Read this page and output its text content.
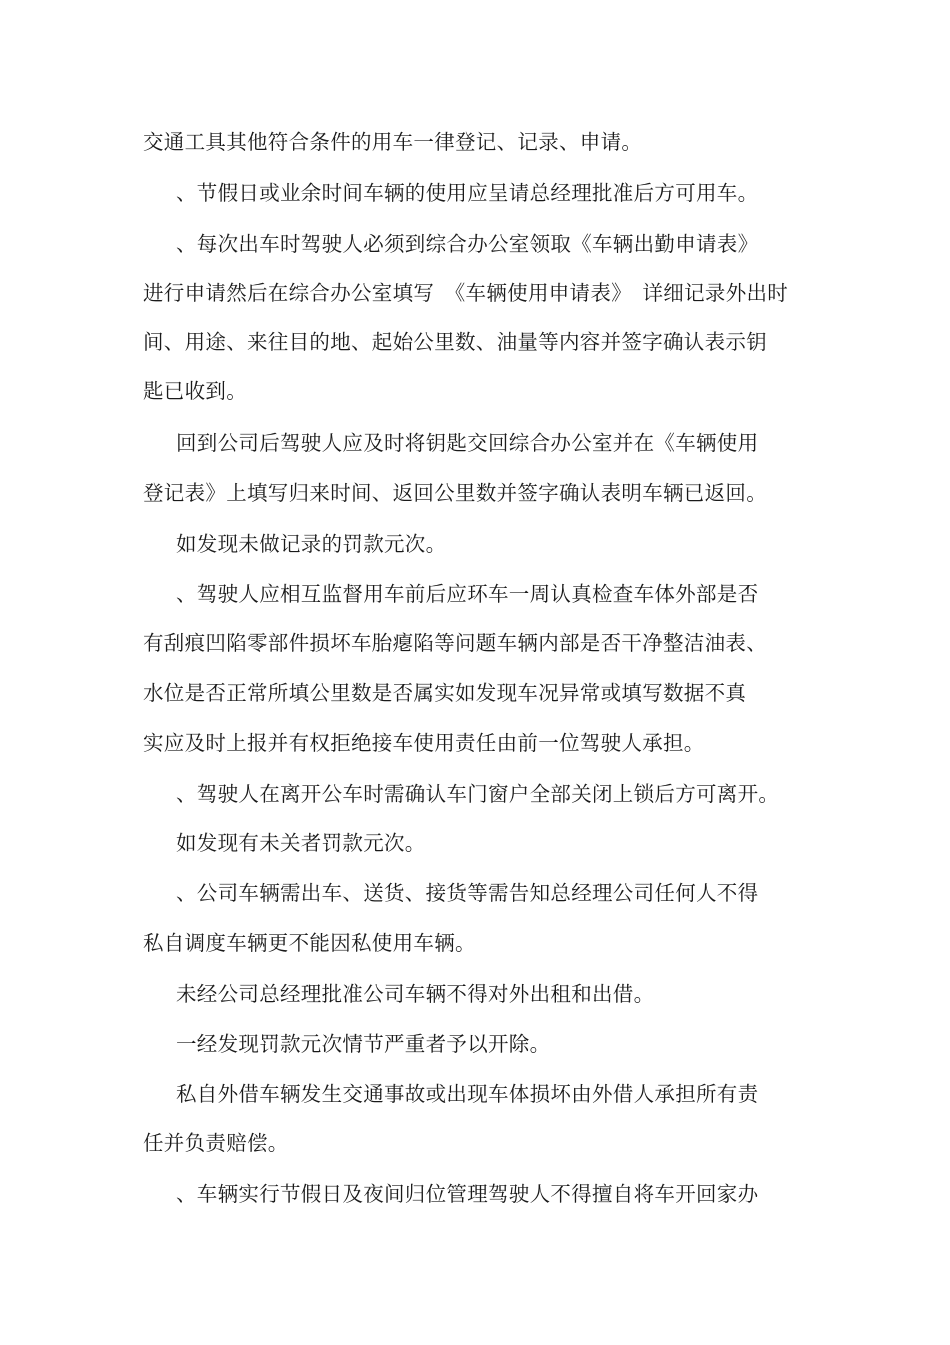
交通工具其他符合条件的用车一律登记、记录、申请。
、节假日或业余时间车辆的使用应呈请总经理批准后方可用车。
、每次出车时驾驶人必须到综合办公室领取《车辆出勤申请表》
进行申请然后在综合办公室填写　《车辆使用申请表》　详细记录外出时
间、用途、来往目的地、起始公里数、油量等内容并签字确认表示钥
匙已收到。
回到公司后驾驶人应及时将钥匙交回综合办公室并在《车辆使用
登记表》上填写归来时间、返回公里数并签字确认表明车辆已返回。
如发现未做记录的罚款元次。
、驾驶人应相互监督用车前后应环车一周认真检查车体外部是否
有刮痕凹陷零部件损坏车胎瘪陷等问题车辆内部是否干净整洁油表、
水位是否正常所填公里数是否属实如发现车况异常或填写数据不真
实应及时上报并有权拒绝接车使用责任由前一位驾驶人承担。
、驾驶人在离开公车时需确认车门窗户全部关闭上锁后方可离开。
如发现有未关者罚款元次。
、公司车辆需出车、送货、接货等需告知总经理公司任何人不得
私自调度车辆更不能因私使用车辆。
未经公司总经理批准公司车辆不得对外出租和出借。
一经发现罚款元次情节严重者予以开除。
私自外借车辆发生交通事故或出现车体损坏由外借人承担所有责
任并负责赔偿。
、车辆实行节假日及夜间归位管理驾驶人不得擅自将车开回家办
